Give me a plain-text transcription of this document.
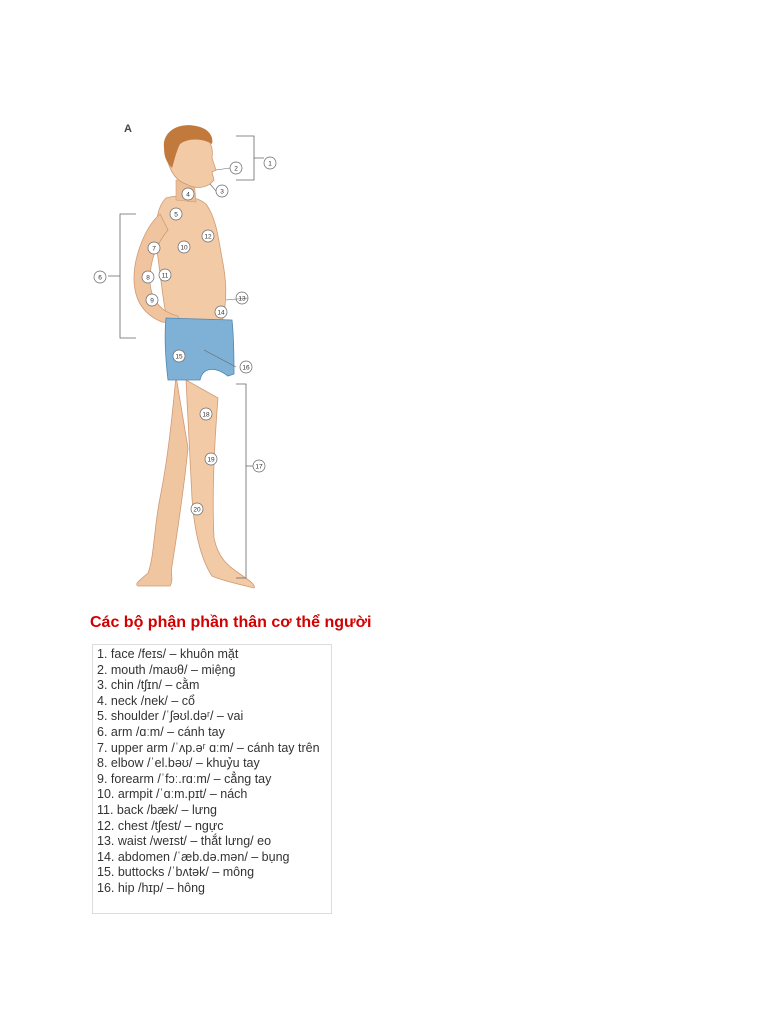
A
1
2
3
4
5
6
7
8
9
10
11
12
13
14
15
16
17
18
19
20
Các bộ phận phần thân cơ thể người
1. face /feɪs/ – khuôn mặt
2. mouth /maʊθ/ – miệng
3. chin /tʃɪn/ – cằm
4. neck /nek/ – cổ
5. shoulder /ˈʃəʊl.dəʳ/ – vai
6. arm /ɑːm/ – cánh tay
7. upper arm /ˈʌp.əʳ ɑːm/ – cánh tay trên
8. elbow /ˈel.bəʊ/ – khuỷu tay
9. forearm /ˈfɔː.rɑːm/ – cẳng tay
10. armpit /ˈɑːm.pɪt/ – nách
11. back /bæk/ – lưng
12. chest /tʃest/ – ngực
13. waist /weɪst/ – thắt lưng/ eo
14. abdomen /ˈæb.də.mən/ – bụng
15. buttocks /ˈbʌtək/ – mông
16. hip /hɪp/ – hông
